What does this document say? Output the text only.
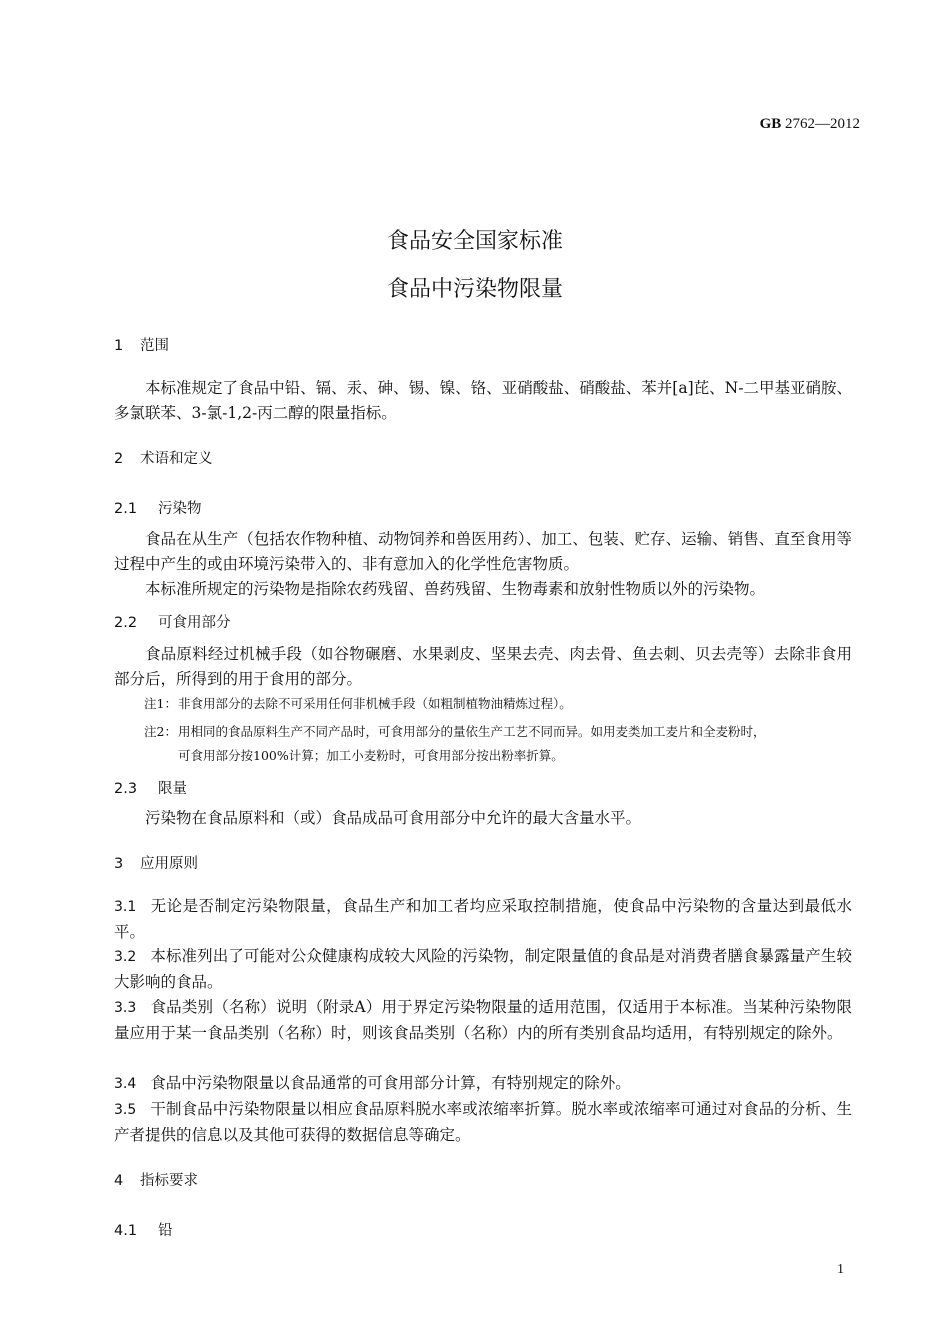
GB 2762—2012
食品安全国家标准
食品中污染物限量
1 范围
本标准规定了食品中铅、镉、汞、砷、锡、镍、铬、亚硝酸盐、硝酸盐、苯并[a]芘、N-二甲基亚硝胺、多氯联苯、3-氯-1,2-丙二醇的限量指标。
2 术语和定义
2.1 污染物
食品在从生产（包括农作物种植、动物饲养和兽医用药）、加工、包装、贮存、运输、销售、直至食用等过程中产生的或由环境污染带入的、非有意加入的化学性危害物质。
本标准所规定的污染物是指除农药残留、兽药残留、生物毒素和放射性物质以外的污染物。
2.2 可食用部分
食品原料经过机械手段（如谷物碾磨、水果剥皮、坚果去壳、肉去骨、鱼去刺、贝去壳等）去除非食用部分后，所得到的用于食用的部分。
注1：非食用部分的去除不可采用任何非机械手段（如粗制植物油精炼过程）。
注2：用相同的食品原料生产不同产品时，可食用部分的量依生产工艺不同而异。如用麦类加工麦片和全麦粉时，
可食用部分按100%计算；加工小麦粉时，可食用部分按出粉率折算。
2.3 限量
污染物在食品原料和（或）食品成品可食用部分中允许的最大含量水平。
3 应用原则
3.1 无论是否制定污染物限量，食品生产和加工者均应采取控制措施，使食品中污染物的含量达到最低水平。
3.2 本标准列出了可能对公众健康构成较大风险的污染物，制定限量值的食品是对消费者膳食暴露量产生较大影响的食品。
3.3 食品类别（名称）说明（附录A）用于界定污染物限量的适用范围，仅适用于本标准。当某种污染物限量应用于某一食品类别（名称）时，则该食品类别（名称）内的所有类别食品均适用，有特别规定的除外。
3.4 食品中污染物限量以食品通常的可食用部分计算，有特别规定的除外。
3.5 干制食品中污染物限量以相应食品原料脱水率或浓缩率折算。脱水率或浓缩率可通过对食品的分析、生产者提供的信息以及其他可获得的数据信息等确定。
4 指标要求
4.1 铅
1
